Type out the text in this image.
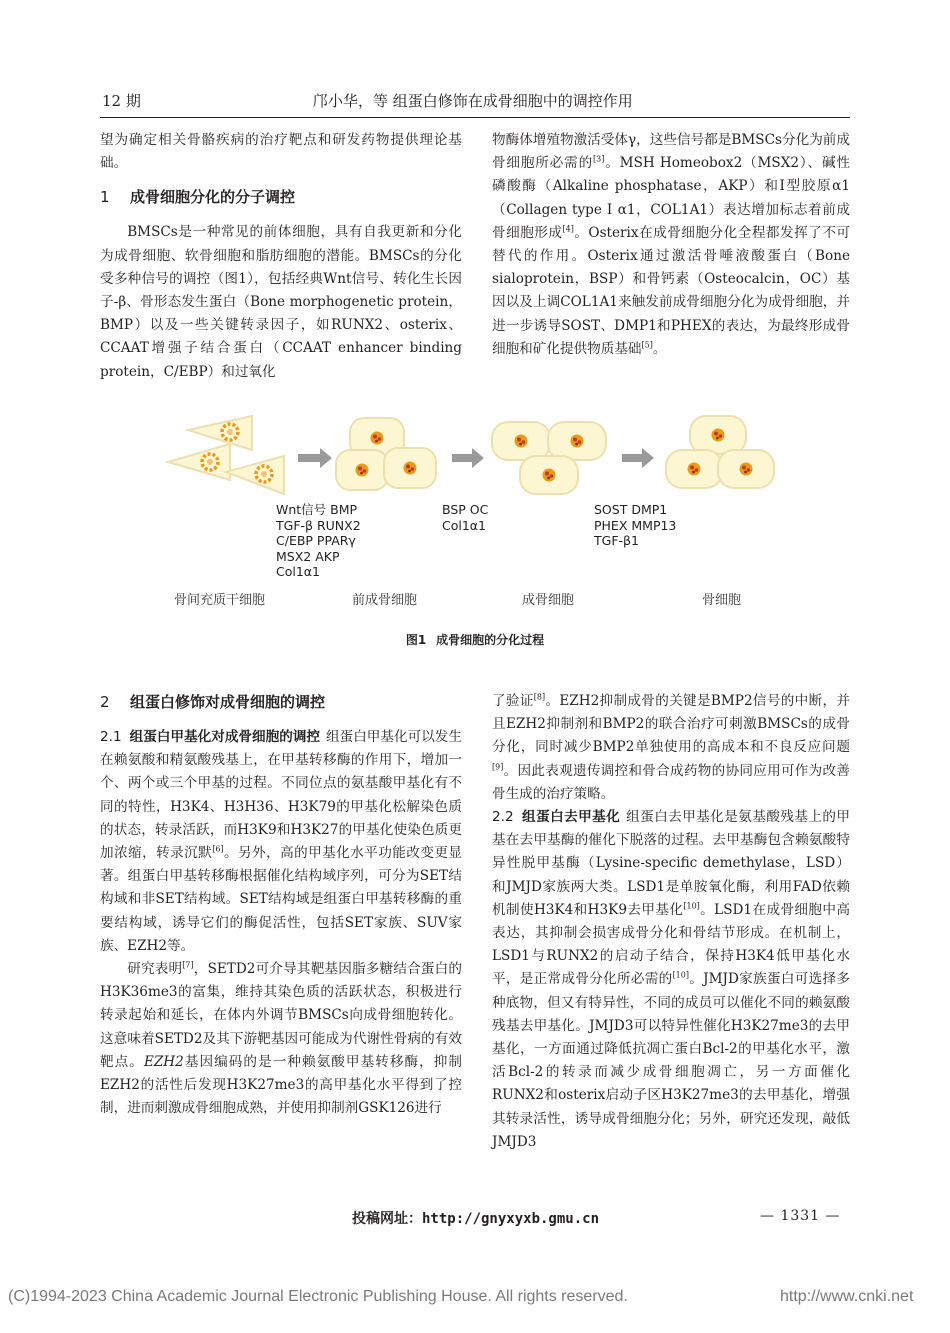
12 期	邝小华，等 组蛋白修饰在成骨细胞中的调控作用

望为确定相关骨骼疾病的治疗靶点和研发药物提供理论基础。

1 成骨细胞分化的分子调控

BMSCs是一种常见的前体细胞，具有自我更新和分化为成骨细胞、软骨细胞和脂肪细胞的潜能。BMSCs的分化受多种信号的调控（图1），包括经典Wnt信号、转化生长因子-β、骨形态发生蛋白（Bone morphogenetic protein，BMP）以及一些关键转录因子，如RUNX2、osterix、CCAAT增强子结合蛋白（CCAAT enhancer binding protein，C/EBP）和过氧化

物酶体增殖物激活受体γ，这些信号都是BMSCs分化为前成骨细胞所必需的[3]。MSH Homeobox2（MSX2）、碱性磷酸酶（Alkaline phosphatase，AKP）和Ⅰ型胶原α1（Collagen type Ⅰ α1，COL1A1）表达增加标志着前成骨细胞形成[4]。Osterix在成骨细胞分化全程都发挥了不可替代的作用。Osterix通过激活骨唾液酸蛋白（Bone sialoprotein，BSP）和骨钙素（Osteocalcin，OC）基因以及上调COL1A1来触发前成骨细胞分化为成骨细胞，并进一步诱导SOST、DMP1和PHEX的表达，为最终形成骨细胞和矿化提供物质基础[5]。

Wnt信号 BMP
TGF-β RUNX2
C/EBP PPARγ
MSX2 AKP
Col1α1
BSP OC
Col1α1
SOST DMP1
PHEX MMP13
TGF-β1
骨间充质干细胞	前成骨细胞	成骨细胞	骨细胞
图1 成骨细胞的分化过程
2 组蛋白修饰对成骨细胞的调控

2.1 组蛋白甲基化对成骨细胞的调控 组蛋白甲基化可以发生在赖氨酸和精氨酸残基上，在甲基转移酶的作用下，增加一个、两个或三个甲基的过程。不同位点的氨基酸甲基化有不同的特性，H3K4、H3H36、H3K79的甲基化松解染色质的状态，转录活跃，而H3K9和H3K27的甲基化使染色质更加浓缩，转录沉默[6]。另外，高的甲基化水平功能改变更显著。组蛋白甲基转移酶根据催化结构域序列，可分为SET结构域和非SET结构域。SET结构域是组蛋白甲基转移酶的重要结构域，诱导它们的酶促活性，包括SET家族、SUV家族、EZH2等。

研究表明[7]，SETD2可介导其靶基因脂多糖结合蛋白的H3K36me3的富集，维持其染色质的活跃状态，积极进行转录起始和延长，在体内外调节BMSCs向成骨细胞转化。这意味着SETD2及其下游靶基因可能成为代谢性骨病的有效靶点。EZH2基因编码的是一种赖氨酸甲基转移酶，抑制EZH2的活性后发现H3K27me3的高甲基化水平得到了控制，进而刺激成骨细胞成熟，并使用抑制剂GSK126进行

了验证[8]。EZH2抑制成骨的关键是BMP2信号的中断，并且EZH2抑制剂和BMP2的联合治疗可刺激BMSCs的成骨分化，同时减少BMP2单独使用的高成本和不良反应问题[9]。因此表观遗传调控和骨合成药物的协同应用可作为改善骨生成的治疗策略。

2.2 组蛋白去甲基化 组蛋白去甲基化是氨基酸残基上的甲基在去甲基酶的催化下脱落的过程。去甲基酶包含赖氨酸特异性脱甲基酶（Lysine-specific demethylase，LSD）和JMJD家族两大类。LSD1是单胺氧化酶，利用FAD依赖机制使H3K4和H3K9去甲基化[10]。LSD1在成骨细胞中高表达，其抑制会损害成骨分化和骨结节形成。在机制上，LSD1与RUNX2的启动子结合，保持H3K4低甲基化水平，是正常成骨分化所必需的[10]。JMJD家族蛋白可选择多种底物，但又有特异性，不同的成员可以催化不同的赖氨酸残基去甲基化。JMJD3可以特异性催化H3K27me3的去甲基化，一方面通过降低抗凋亡蛋白Bcl-2的甲基化水平，激活Bcl-2的转录而减少成骨细胞凋亡，另一方面催化RUNX2和osterix启动子区H3K27me3的去甲基化，增强其转录活性，诱导成骨细胞分化；另外，研究还发现，敲低JMJD3

投稿网址：http://gnyxyxb.gmu.cn	— 1331 —
(C)1994-2023 China Academic Journal Electronic Publishing House. All rights reserved.	http://www.cnki.net
